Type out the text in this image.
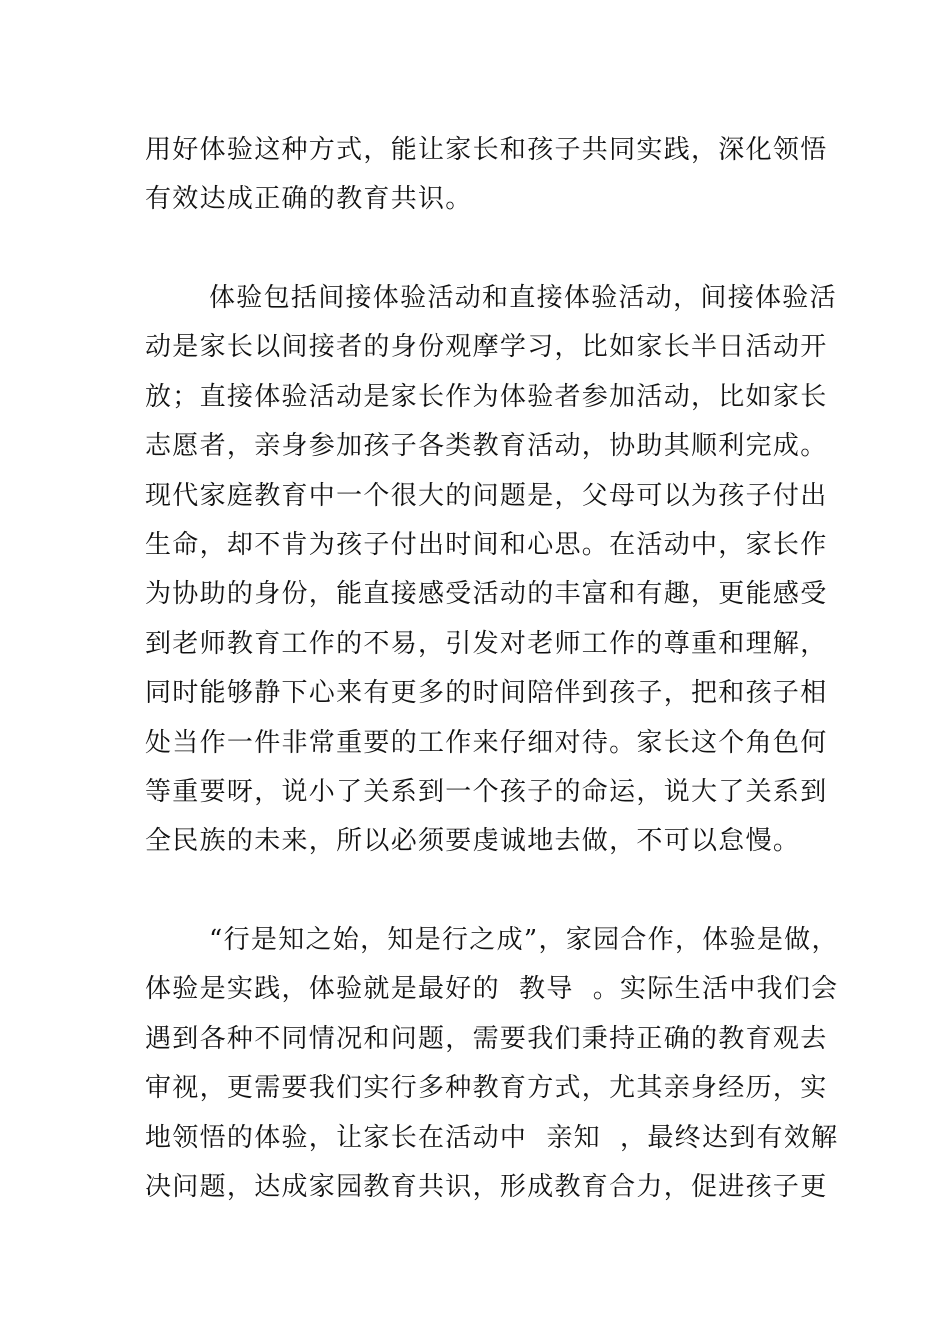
用好体验这种方式，能让家长和孩子共同实践，深化领悟
有效达成正确的教育共识。
体验包括间接体验活动和直接体验活动，间接体验活
动是家长以间接者的身份观摩学习，比如家长半日活动开
放；直接体验活动是家长作为体验者参加活动，比如家长
志愿者，亲身参加孩子各类教育活动，协助其顺利完成。
现代家庭教育中一个很大的问题是，父母可以为孩子付出
生命，却不肯为孩子付出时间和心思。在活动中，家长作
为协助的身份，能直接感受活动的丰富和有趣，更能感受
到老师教育工作的不易，引发对老师工作的尊重和理解，
同时能够静下心来有更多的时间陪伴到孩子，把和孩子相
处当作一件非常重要的工作来仔细对待。家长这个角色何
等重要呀，说小了关系到一个孩子的命运，说大了关系到
全民族的未来，所以必须要虔诚地去做，不可以怠慢。
“行是知之始，知是行之成”，家园合作，体验是做，
体验是实践，体验就是最好的  教导  。实际生活中我们会
遇到各种不同情况和问题，需要我们秉持正确的教育观去
审视，更需要我们实行多种教育方式，尤其亲身经历，实
地领悟的体验，让家长在活动中  亲知  ，最终达到有效解
决问题，达成家园教育共识，形成教育合力，促进孩子更
